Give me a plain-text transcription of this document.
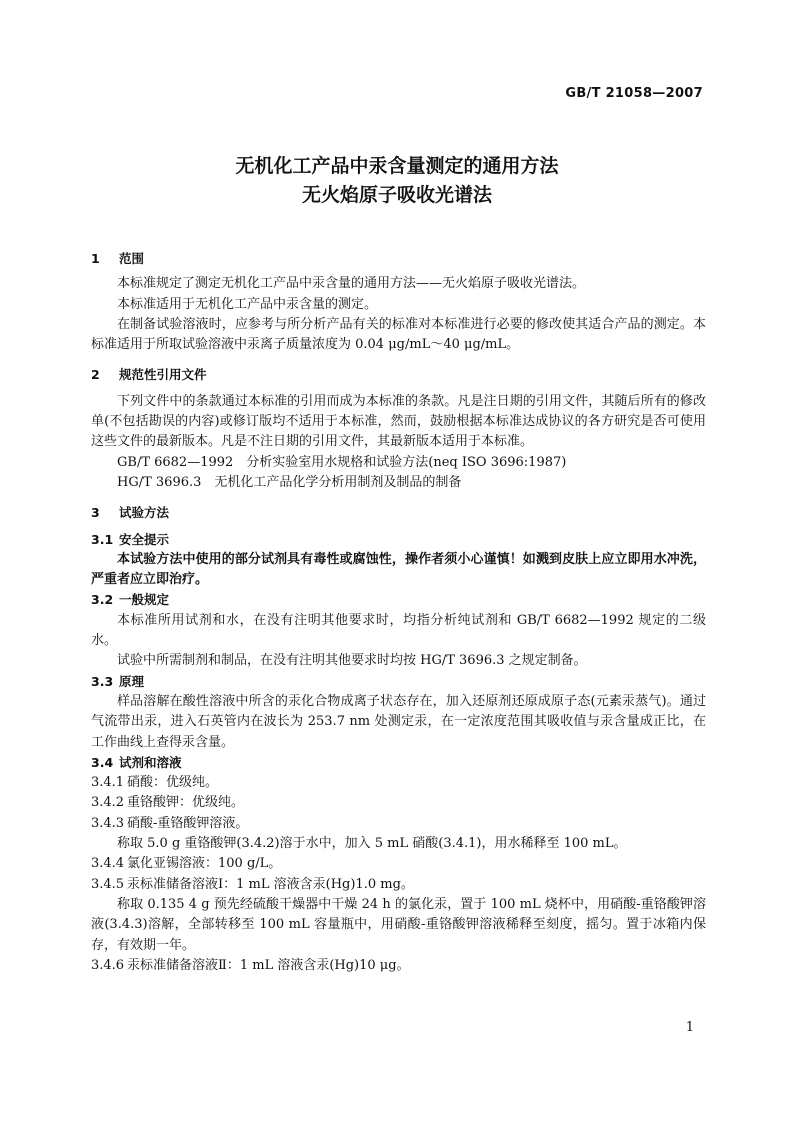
GB/T 21058—2007
无机化工产品中汞含量测定的通用方法
无火焰原子吸收光谱法
1 范围
本标准规定了测定无机化工产品中汞含量的通用方法——无火焰原子吸收光谱法。
本标准适用于无机化工产品中汞含量的测定。
在制备试验溶液时，应参考与所分析产品有关的标准对本标准进行必要的修改使其适合产品的测定。本标准适用于所取试验溶液中汞离子质量浓度为 0.04 μg/mL～40 μg/mL。
2 规范性引用文件
下列文件中的条款通过本标准的引用而成为本标准的条款。凡是注日期的引用文件，其随后所有的修改单(不包括勘误的内容)或修订版均不适用于本标准，然而，鼓励根据本标准达成协议的各方研究是否可使用这些文件的最新版本。凡是不注日期的引用文件，其最新版本适用于本标准。
GB/T 6682—1992　分析实验室用水规格和试验方法(neq ISO 3696:1987)
HG/T 3696.3　无机化工产品化学分析用制剂及制品的制备
3 试验方法
3.1 安全提示
本试验方法中使用的部分试剂具有毒性或腐蚀性，操作者须小心谨慎！如溅到皮肤上应立即用水冲洗，严重者应立即治疗。
3.2 一般规定
本标准所用试剂和水，在没有注明其他要求时，均指分析纯试剂和 GB/T 6682—1992 规定的二级水。
试验中所需制剂和制品，在没有注明其他要求时均按 HG/T 3696.3 之规定制备。
3.3 原理
样品溶解在酸性溶液中所含的汞化合物成离子状态存在，加入还原剂还原成原子态(元素汞蒸气)。通过气流带出汞，进入石英管内在波长为 253.7 nm 处测定汞，在一定浓度范围其吸收值与汞含量成正比，在工作曲线上查得汞含量。
3.4 试剂和溶液
3.4.1 硝酸：优级纯。
3.4.2 重铬酸钾：优级纯。
3.4.3 硝酸-重铬酸钾溶液。
称取 5.0 g 重铬酸钾(3.4.2)溶于水中，加入 5 mL 硝酸(3.4.1)，用水稀释至 100 mL。
3.4.4 氯化亚锡溶液：100 g/L。
3.4.5 汞标准储备溶液Ⅰ：1 mL 溶液含汞(Hg)1.0 mg。
称取 0.135 4 g 预先经硫酸干燥器中干燥 24 h 的氯化汞，置于 100 mL 烧杯中，用硝酸-重铬酸钾溶液(3.4.3)溶解，全部转移至 100 mL 容量瓶中，用硝酸-重铬酸钾溶液稀释至刻度，摇匀。置于冰箱内保存，有效期一年。
3.4.6 汞标准储备溶液Ⅱ：1 mL 溶液含汞(Hg)10 μg。
1
